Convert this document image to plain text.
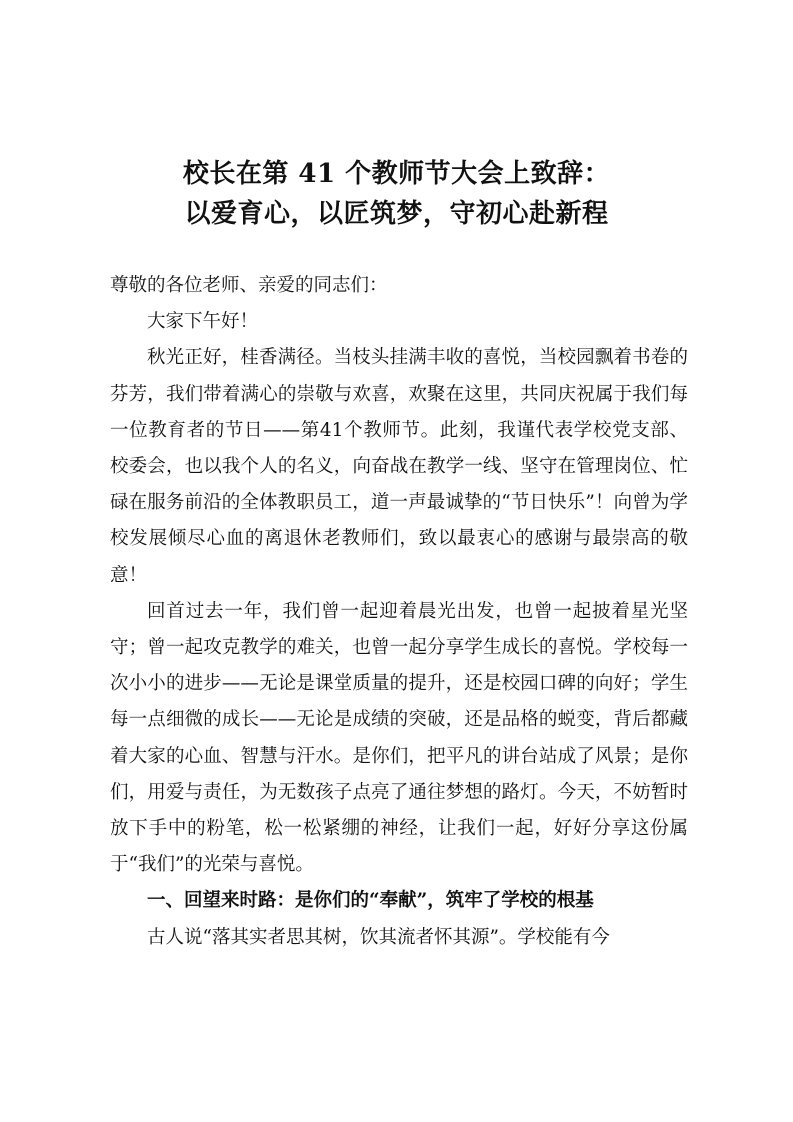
校长在第 41 个教师节大会上致辞：
以爱育心，以匠筑梦，守初心赴新程

尊敬的各位老师、亲爱的同志们：

大家下午好！

秋光正好，桂香满径。当枝头挂满丰收的喜悦，当校园飘着书卷的芬芳，我们带着满心的崇敬与欢喜，欢聚在这里，共同庆祝属于我们每一位教育者的节日——第41个教师节。此刻，我谨代表学校党支部、校委会，也以我个人的名义，向奋战在教学一线、坚守在管理岗位、忙碌在服务前沿的全体教职员工，道一声最诚挚的“节日快乐”！向曾为学校发展倾尽心血的离退休老教师们，致以最衷心的感谢与最崇高的敬意！

回首过去一年，我们曾一起迎着晨光出发，也曾一起披着星光坚守；曾一起攻克教学的难关，也曾一起分享学生成长的喜悦。学校每一次小小的进步——无论是课堂质量的提升，还是校园口碑的向好；学生每一点细微的成长——无论是成绩的突破，还是品格的蜕变，背后都藏着大家的心血、智慧与汗水。是你们，把平凡的讲台站成了风景；是你们，用爱与责任，为无数孩子点亮了通往梦想的路灯。今天，不妨暂时放下手中的粉笔，松一松紧绷的神经，让我们一起，好好分享这份属于“我们”的光荣与喜悦。

一、回望来时路：是你们的“奉献”，筑牢了学校的根基

古人说“落其实者思其树，饮其流者怀其源”。学校能有今
